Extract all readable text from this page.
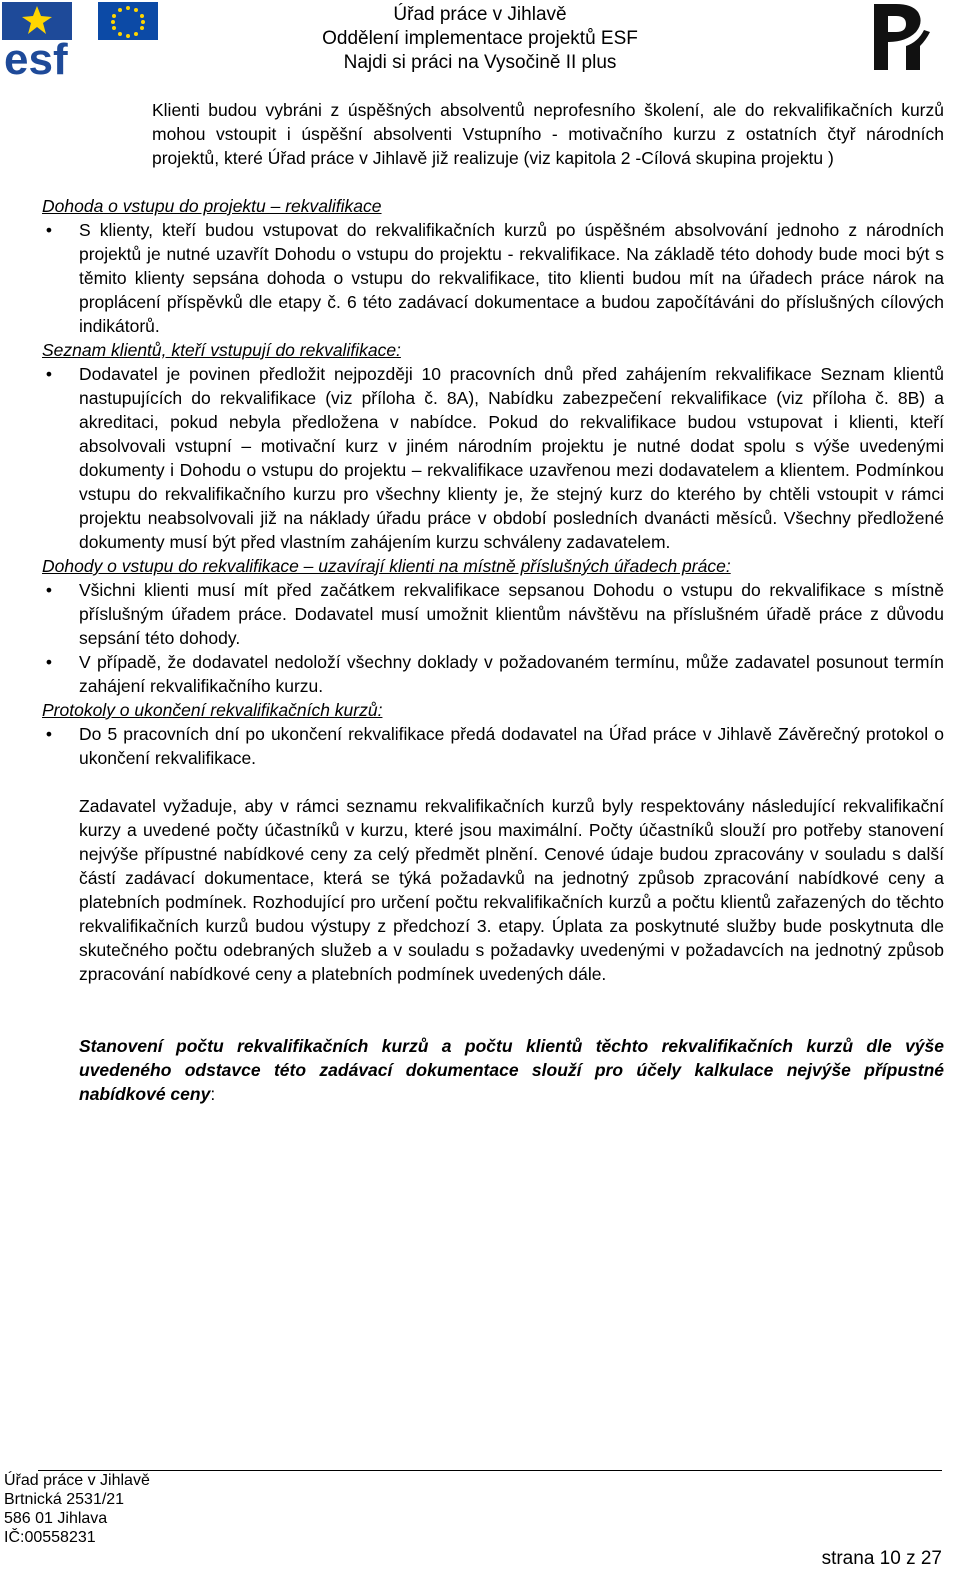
esf
Úřad práce v Jihlavě
Oddělení implementace projektů ESF
Najdi si práci na Vysočině II plus

Klienti budou vybráni z úspěšných absolventů neprofesního školení, ale do rekvalifikačních kurzů mohou vstoupit i úspěšní absolventi Vstupního - motivačního kurzu z ostatních čtyř národních projektů, které Úřad práce v Jihlavě již realizuje (viz kapitola 2 -Cílová skupina projektu )

Dohoda o vstupu do projektu – rekvalifikace
• S klienty, kteří budou vstupovat do rekvalifikačních kurzů po úspěšném absolvování jednoho z národních projektů je nutné uzavřít Dohodu o vstupu do projektu - rekvalifikace. Na základě této dohody bude moci být s těmito klienty sepsána dohoda o vstupu do rekvalifikace, tito klienti budou mít na úřadech práce nárok na proplácení příspěvků dle etapy č. 6 této zadávací dokumentace a budou započítáváni do příslušných cílových indikátorů.
Seznam klientů, kteří vstupují do rekvalifikace:
• Dodavatel je povinen předložit nejpozději 10 pracovních dnů před zahájením rekvalifikace Seznam klientů nastupujících do rekvalifikace (viz příloha č. 8A), Nabídku zabezpečení rekvalifikace (viz příloha č. 8B) a akreditaci, pokud nebyla předložena v nabídce. Pokud do rekvalifikace budou vstupovat i klienti, kteří absolvovali vstupní – motivační kurz v jiném národním projektu je nutné dodat spolu s výše uvedenými dokumenty i Dohodu o vstupu do projektu – rekvalifikace uzavřenou mezi dodavatelem a klientem. Podmínkou vstupu do rekvalifikačního kurzu pro všechny klienty je, že stejný kurz do kterého by chtěli vstoupit v rámci projektu neabsolvovali již na náklady úřadu práce v období posledních dvanácti měsíců. Všechny předložené dokumenty musí být před vlastním zahájením kurzu schváleny zadavatelem.
Dohody o vstupu do rekvalifikace – uzavírají klienti na místně příslušných úřadech práce:
• Všichni klienti musí mít před začátkem rekvalifikace sepsanou Dohodu o vstupu do rekvalifikace s místně příslušným úřadem práce. Dodavatel musí umožnit klientům návštěvu na příslušném úřadě práce z důvodu sepsání této dohody.
• V případě, že dodavatel nedoloží všechny doklady v požadovaném termínu, může zadavatel posunout termín zahájení rekvalifikačního kurzu.
Protokoly o ukončení rekvalifikačních kurzů:
• Do 5 pracovních dní po ukončení rekvalifikace předá dodavatel na Úřad práce v Jihlavě Závěrečný protokol o ukončení rekvalifikace.

Zadavatel vyžaduje, aby v rámci seznamu rekvalifikačních kurzů byly respektovány následující rekvalifikační kurzy a uvedené počty účastníků v kurzu, které jsou maximální. Počty účastníků slouží pro potřeby stanovení nejvýše přípustné nabídkové ceny za celý předmět plnění. Cenové údaje budou zpracovány v souladu s další částí zadávací dokumentace, která se týká požadavků na jednotný způsob zpracování nabídkové ceny a platebních podmínek. Rozhodující pro určení počtu rekvalifikačních kurzů a počtu klientů zařazených do těchto rekvalifikačních kurzů budou výstupy z předchozí 3. etapy. Úplata za poskytnuté služby bude poskytnuta dle skutečného počtu odebraných služeb a v souladu s požadavky uvedenými v požadavcích na jednotný způsob zpracování nabídkové ceny a platebních podmínek uvedených dále.

Stanovení počtu rekvalifikačních kurzů a počtu klientů těchto rekvalifikačních kurzů dle výše uvedeného odstavce této zadávací dokumentace slouží pro účely kalkulace nejvýše přípustné nabídkové ceny:

Úřad práce v Jihlavě
Brtnická 2531/21
586 01 Jihlava
IČ:00558231
strana 10 z 27
